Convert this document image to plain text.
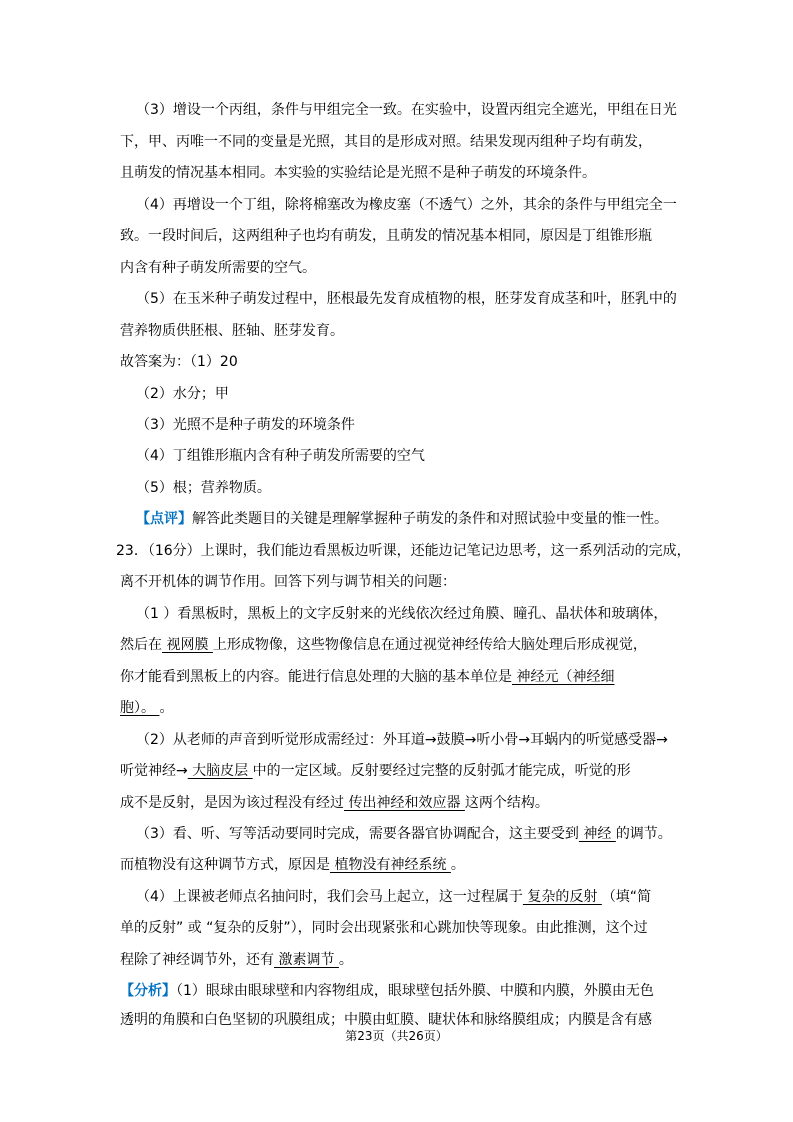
（3）增设一个丙组，条件与甲组完全一致。在实验中，设置丙组完全遮光，甲组在日光
下，甲、丙唯一不同的变量是光照，其目的是形成对照。结果发现丙组种子均有萌发，
且萌发的情况基本相同。本实验的实验结论是光照不是种子萌发的环境条件。
（4）再增设一个丁组，除将棉塞改为橡皮塞（不透气）之外，其余的条件与甲组完全一
致。一段时间后，这两组种子也均有萌发，且萌发的情况基本相同，原因是丁组锥形瓶
内含有种子萌发所需要的空气。
（5）在玉米种子萌发过程中，胚根最先发育成植物的根，胚芽发育成茎和叶，胚乳中的
营养物质供胚根、胚轴、胚芽发育。
故答案为：（1）20
（2）水分；甲
（3）光照不是种子萌发的环境条件
（4）丁组锥形瓶内含有种子萌发所需要的空气
（5）根；营养物质。
【点评】解答此类题目的关键是理解掌握种子萌发的条件和对照试验中变量的惟一性。
23．（16分）上课时，我们能边看黑板边听课，还能边记笔记边思考，这一系列活动的完成，
离不开机体的调节作用。回答下列与调节相关的问题：
（1 ）看黑板时，黑板上的文字反射来的光线依次经过角膜、瞳孔、晶状体和玻璃体，
然后在 视网膜 上形成物像，这些物像信息在通过视觉神经传给大脑处理后形成视觉，
你才能看到黑板上的内容。能进行信息处理的大脑的基本单位是 神经元（神经细
胞）。 。
（2）从老师的声音到听觉形成需经过：外耳道→鼓膜→听小骨→耳蜗内的听觉感受器→
听觉神经→ 大脑皮层 中的一定区域。反射要经过完整的反射弧才能完成，听觉的形
成不是反射，是因为该过程没有经过 传出神经和效应器 这两个结构。
（3）看、听、写等活动要同时完成，需要各器官协调配合，这主要受到 神经 的调节。
而植物没有这种调节方式，原因是 植物没有神经系统 。
（4）上课被老师点名抽问时，我们会马上起立，这一过程属于 复杂的反射 （填“简
单的反射” 或 “复杂的反射”），同时会出现紧张和心跳加快等现象。由此推测，这个过
程除了神经调节外，还有 激素调节 。
【分析】（1）眼球由眼球壁和内容物组成，眼球壁包括外膜、中膜和内膜，外膜由无色
透明的角膜和白色坚韧的巩膜组成；中膜由虹膜、睫状体和脉络膜组成；内膜是含有感
第23页（共26页）
